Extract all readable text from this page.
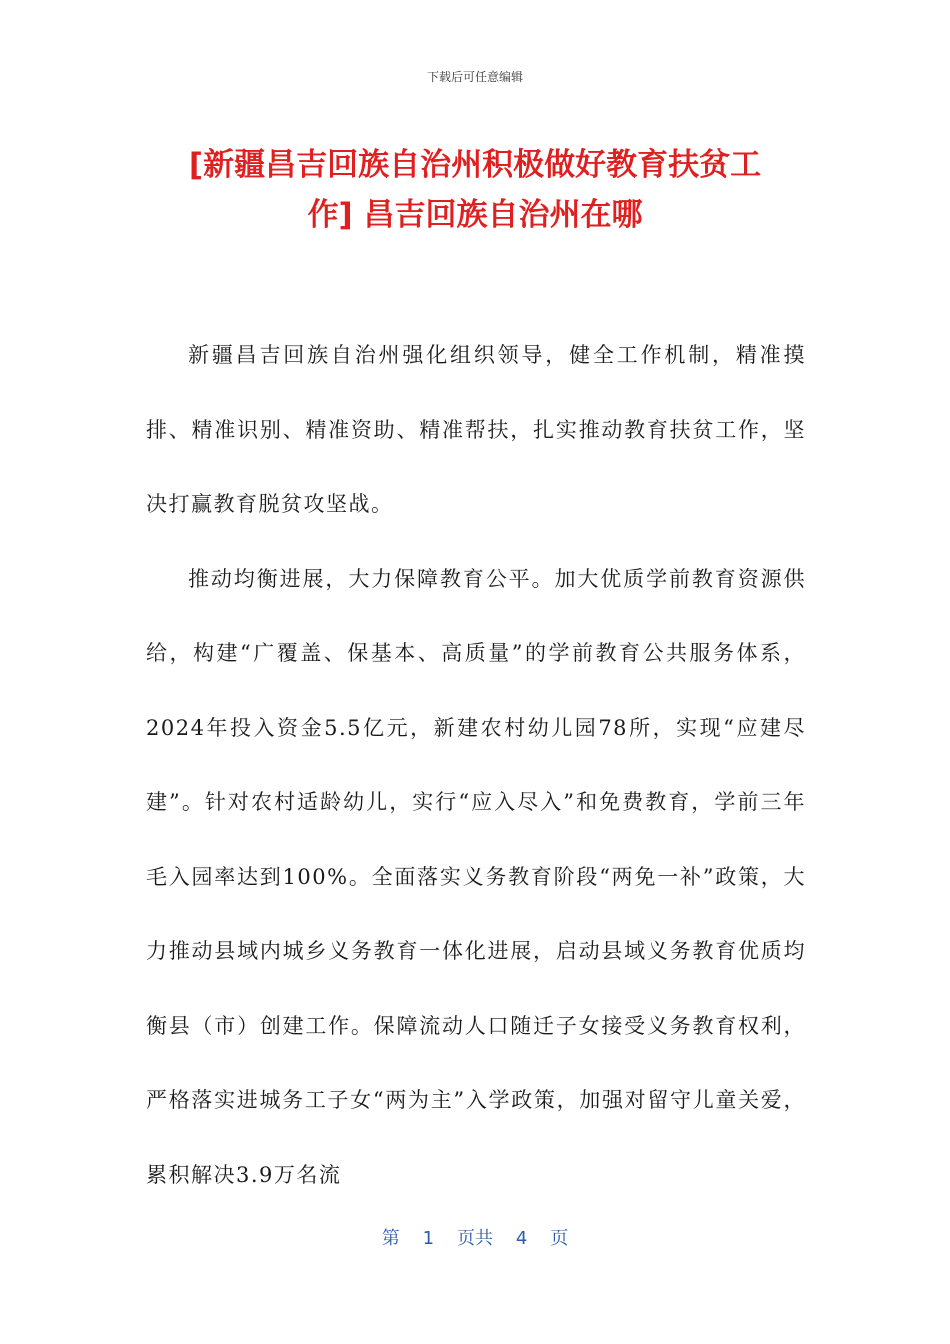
下载后可任意编辑
[新疆昌吉回族自治州积极做好教育扶贫工
作] 昌吉回族自治州在哪

新疆昌吉回族自治州强化组织领导，健全工作机制，精准摸排、精准识别、精准资助、精准帮扶，扎实推动教育扶贫工作，坚决打赢教育脱贫攻坚战。

推动均衡进展，大力保障教育公平。加大优质学前教育资源供给，构建“广覆盖、保基本、高质量”的学前教育公共服务体系，2024年投入资金5.5亿元，新建农村幼儿园78所，实现“应建尽建”。针对农村适龄幼儿，实行“应入尽入”和免费教育，学前三年毛入园率达到100%。全面落实义务教育阶段“两免一补”政策，大力推动县域内城乡义务教育一体化进展，启动县域义务教育优质均衡县（市）创建工作。保障流动人口随迁子女接受义务教育权利，严格落实进城务工子女“两为主”入学政策，加强对留守儿童关爱，累积解决3.9万名流

第 1 页共 4 页
